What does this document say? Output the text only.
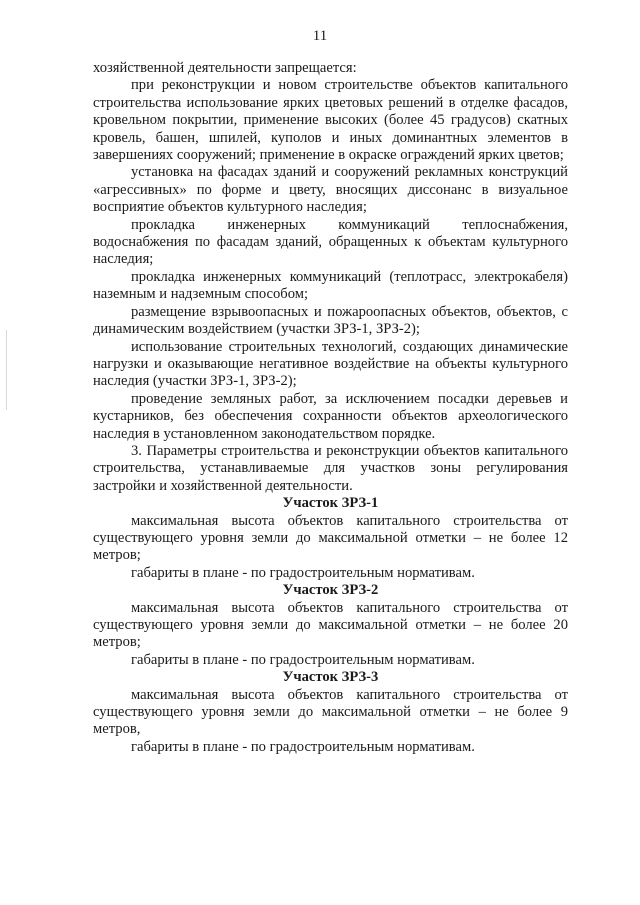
11

хозяйственной деятельности запрещается:

при реконструкции и новом строительстве объектов капитального строительства использование ярких цветовых решений в отделке фасадов, кровельном покрытии, применение высоких (более 45 градусов) скатных кровель, башен, шпилей, куполов и иных доминантных элементов в завершениях сооружений; применение в окраске ограждений ярких цветов;

установка на фасадах зданий и сооружений рекламных конструкций «агрессивных» по форме и цвету, вносящих диссонанс в визуальное восприятие объектов культурного наследия;

прокладка инженерных коммуникаций теплоснабжения, водоснабжения по фасадам зданий, обращенных к объектам культурного наследия;

прокладка инженерных коммуникаций (теплотрасс, электрокабеля) наземным и надземным способом;

размещение взрывоопасных и пожароопасных объектов, объектов, с динамическим воздействием (участки ЗРЗ-1, ЗРЗ-2);

использование строительных технологий, создающих динамические нагрузки и оказывающие негативное воздействие на объекты культурного наследия (участки ЗРЗ-1, ЗРЗ-2);

проведение земляных работ, за исключением посадки деревьев и кустарников, без обеспечения сохранности объектов археологического наследия в установленном законодательством порядке.

3. Параметры строительства и реконструкции объектов капитального строительства, устанавливаемые для участков зоны регулирования застройки и хозяйственной деятельности.

Участок ЗРЗ-1

максимальная высота объектов капитального строительства от существующего уровня земли до максимальной отметки – не более 12 метров;

габариты в плане - по градостроительным нормативам.

Участок ЗРЗ-2

максимальная высота объектов капитального строительства от существующего уровня земли до максимальной отметки – не более 20 метров;

габариты в плане - по градостроительным нормативам.

Участок ЗРЗ-3

максимальная высота объектов капитального строительства от существующего уровня земли до максимальной отметки – не более 9 метров,

габариты в плане - по градостроительным нормативам.
